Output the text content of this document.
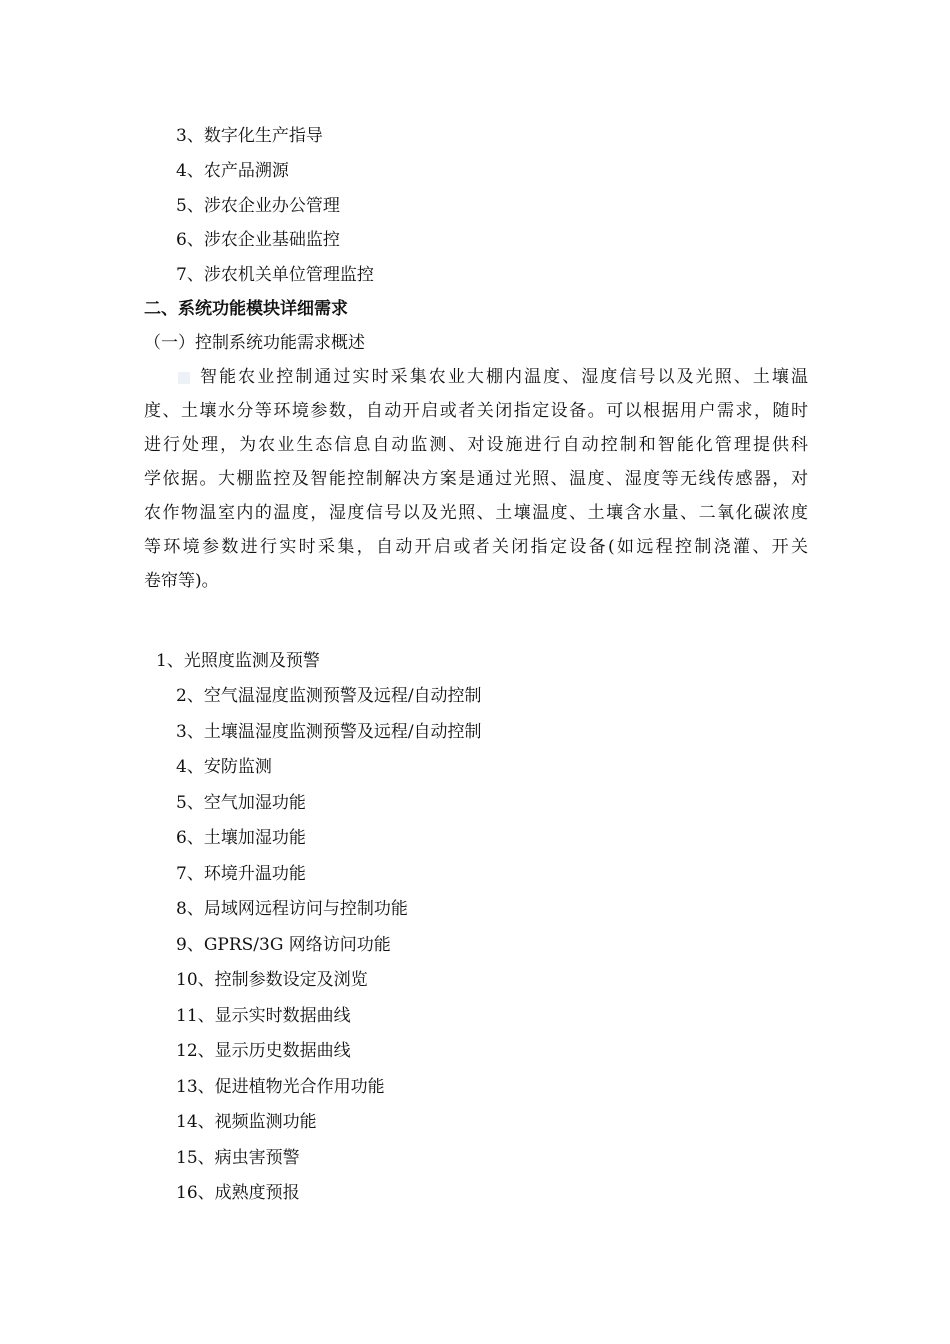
3、数字化生产指导
4、农产品溯源
5、涉农企业办公管理
6、涉农企业基础监控
7、涉农机关单位管理监控
二、系统功能模块详细需求
（一）控制系统功能需求概述
智能农业控制通过实时采集农业大棚内温度、湿度信号以及光照、土壤温
度、土壤水分等环境参数，自动开启或者关闭指定设备。可以根据用户需求，随时
进行处理，为农业生态信息自动监测、对设施进行自动控制和智能化管理提供科
学依据。大棚监控及智能控制解决方案是通过光照、温度、湿度等无线传感器，对
农作物温室内的温度，湿度信号以及光照、土壤温度、土壤含水量、二氧化碳浓度
等环境参数进行实时采集，自动开启或者关闭指定设备(如远程控制浇灌、开关
卷帘等)。
1、光照度监测及预警
2、空气温湿度监测预警及远程/自动控制
3、土壤温湿度监测预警及远程/自动控制
4、安防监测
5、空气加湿功能
6、土壤加湿功能
7、环境升温功能
8、局域网远程访问与控制功能
9、GPRS/3G 网络访问功能
10、控制参数设定及浏览
11、显示实时数据曲线
12、显示历史数据曲线
13、促进植物光合作用功能
14、视频监测功能
15、病虫害预警
16、成熟度预报
